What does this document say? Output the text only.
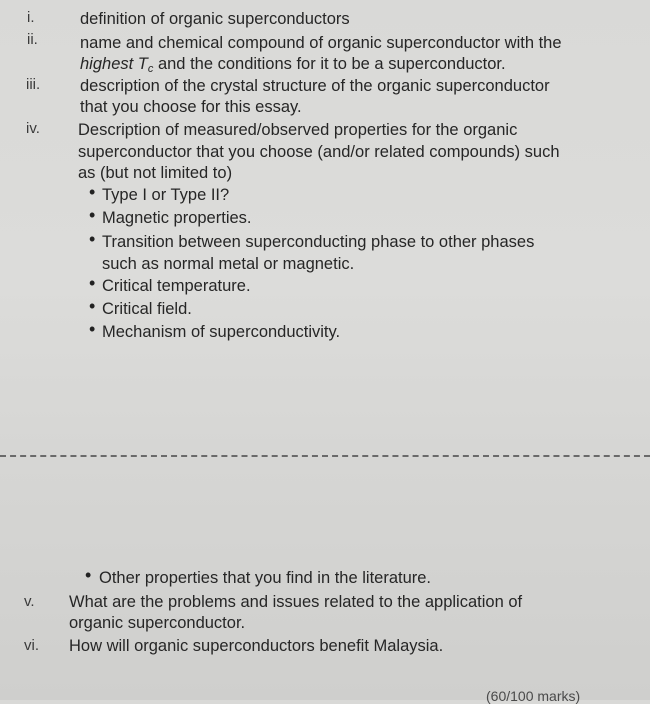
i.	definition of organic superconductors
ii.	name and chemical compound of organic superconductor with the
highest $T_c$ and the conditions for it to be a superconductor.
iii. description of the crystal structure of the organic superconductor
that you choose for this essay.
iv. Description of measured/observed properties for the organic
superconductor that you choose (and/or related compounds) such
as (but not limited to)
• Type I or Type II?
• Magnetic properties.
• Transition between superconducting phase to other phases
such as normal metal or magnetic.
• Critical temperature.
• Critical field.
• Mechanism of superconductivity.
• Other properties that you find in the literature.
v. What are the problems and issues related to the application of
organic superconductor.
vi. How will organic superconductors benefit Malaysia.
(60/100 marks)
